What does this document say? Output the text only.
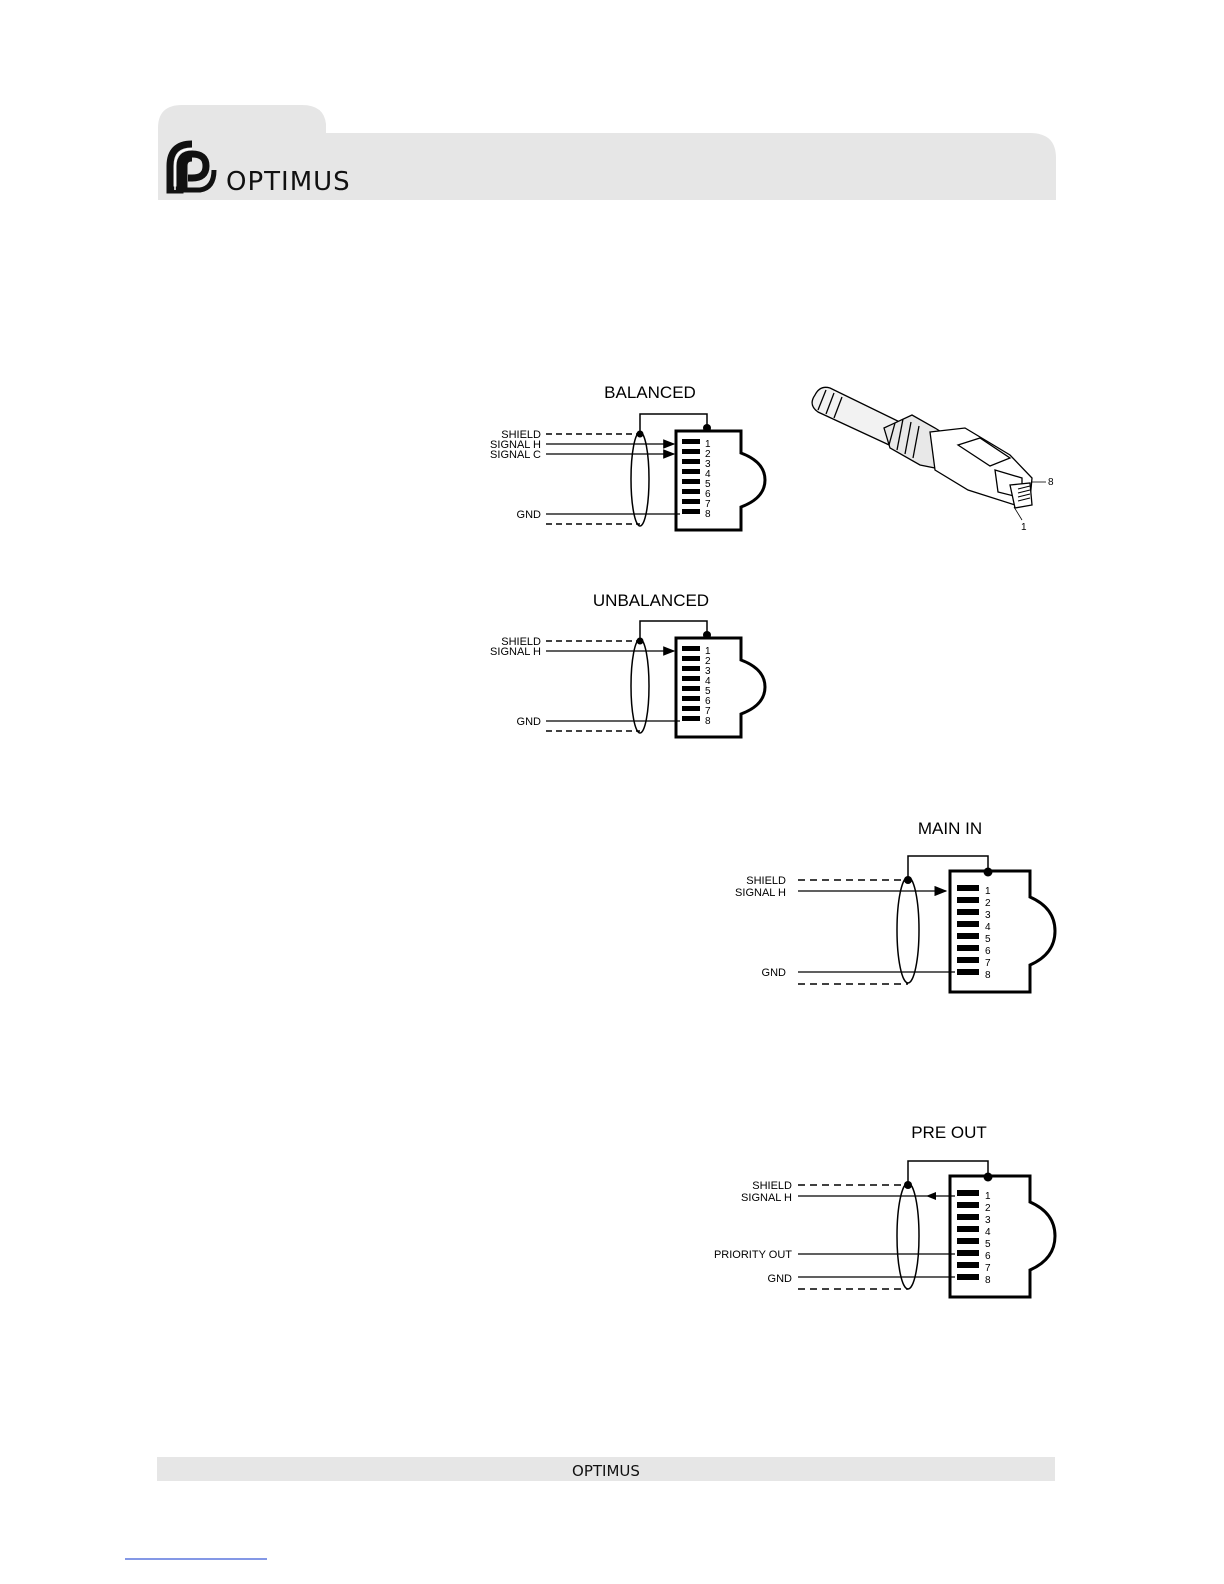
OPTIMUS
BALANCED
1
2
3
4
5
6
7
8
SHIELD
SIGNAL H
SIGNAL C
GND
8
1
UNBALANCED
1
2
3
4
5
6
7
8
SHIELD
SIGNAL H
GND
MAIN IN
1
2
3
4
5
6
7
8
SHIELD
SIGNAL H
GND
PRE OUT
1
2
3
4
5
6
7
8
SHIELD
SIGNAL H
PRIORITY OUT
GND
OPTIMUS
